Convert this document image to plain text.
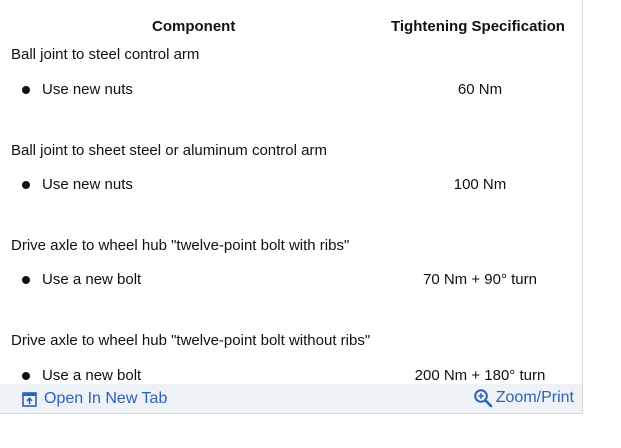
Component	Tightening Specification
Ball joint to steel control arm
Use new nuts	60 Nm
Ball joint to sheet steel or aluminum control arm
Use new nuts	100 Nm
Drive axle to wheel hub "twelve-point bolt with ribs"
Use a new bolt	70 Nm + 90° turn
Drive axle to wheel hub "twelve-point bolt without ribs"
Use a new bolt	200 Nm + 180° turn
Open In New Tab	Zoom/Print
